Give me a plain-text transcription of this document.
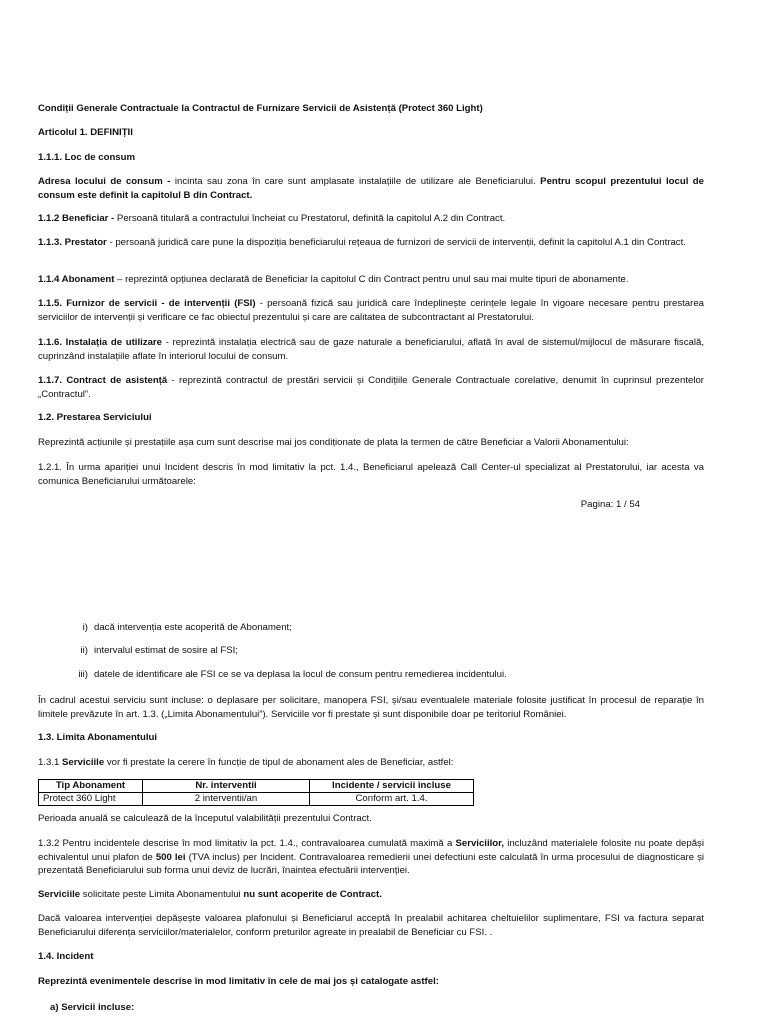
Condiții Generale Contractuale la Contractul de Furnizare Servicii de Asistență (Protect 360 Light)

Articolul 1. DEFINIȚII

1.1.1. Loc de consum

Adresa locului de consum - incinta sau zona în care sunt amplasate instalațiile de utilizare ale Beneficiarului. Pentru scopul prezentului locul de consum este definit la capitolul B din Contract.

1.1.2 Beneficiar - Persoană titulară a contractului încheiat cu Prestatorul, definită la capitolul A.2 din Contract.

1.1.3. Prestator - persoană juridică care pune la dispoziția beneficiarului rețeaua de furnizori de servicii de intervenții, definit la capitolul A.1 din Contract.

1.1.4 Abonament – reprezintă opțiunea declarată de Beneficiar la capitolul C din Contract pentru unul sau mai multe tipuri de abonamente.

1.1.5. Furnizor de servicii - de intervenții (FSI) - persoană fizică sau juridică care îndeplinește cerințele legale în vigoare necesare pentru prestarea serviciilor de intervenții și verificare ce fac obiectul prezentului și care are calitatea de subcontractant al Prestatorului.

1.1.6. Instalația de utilizare - reprezintă instalația electrică sau de gaze naturale a beneficiarului, aflată în aval de sistemul/mijlocul de măsurare fiscală, cuprinzând instalațiile aflate în interiorul locului de consum.

1.1.7. Contract de asistență - reprezintă contractul de prestări servicii și Condițiile Generale Contractuale corelative, denumit în cuprinsul prezentelor „Contractul”.

1.2. Prestarea Serviciului

Reprezintă acțiunile și prestațiile așa cum sunt descrise mai jos condiționate de plata la termen de către Beneficiar a Valorii Abonamentului:

1.2.1. În urma apariției unui Incident descris în mod limitativ la pct. 1.4., Beneficiarul apelează Call Center-ul specializat al Prestatorului, iar acesta va comunica Beneficiarului următoarele:

Pagina: 1 / 54

i) dacă intervenția este acoperită de Abonament;

ii) intervalul estimat de sosire al FSI;

iii) datele de identificare ale FSI ce se va deplasa la locul de consum pentru remedierea incidentului.

În cadrul acestui serviciu sunt incluse: o deplasare per solicitare, manopera FSI, și/sau eventualele materiale folosite justificat în procesul de reparație în limitele prevăzute în art. 1.3. („Limita Abonamentului”). Serviciile vor fi prestate și sunt disponibile doar pe teritoriul României.

1.3. Limita Abonamentului

1.3.1 Serviciile vor fi prestate la cerere în funcție de tipul de abonament ales de Beneficiar, astfel:

Tip Abonament	Nr. interventii	Incidente / servicii incluse
Protect 360 Light	2 interventii/an	Conform art. 1.4.

Perioada anuală se calculează de la începutul valabilității prezentului Contract.

1.3.2 Pentru incidentele descrise în mod limitativ la pct. 1.4., contravaloarea cumulată maximă a Serviciilor, incluzând materialele folosite nu poate depăși echivalentul unui plafon de 500 lei (TVA inclus) per Incident. Contravaloarea remedierii unei defectiuni este calculată în urma procesului de diagnosticare și prezentată Beneficiarului sub forma unui deviz de lucrări, înaintea efectuării intervenției.

Serviciile solicitate peste Limita Abonamentului nu sunt acoperite de Contract.

Dacă valoarea intervenției depășește valoarea plafonului și Beneficiarul acceptă în prealabil achitarea cheltuielilor suplimentare, FSI va factura separat Beneficiarului diferența serviciilor/materialelor, conform preturilor agreate in prealabil de Beneficiar cu FSI. .

1.4. Incident

Reprezintă evenimentele descrise în mod limitativ în cele de mai jos și catalogate astfel:

a) Servicii incluse:
